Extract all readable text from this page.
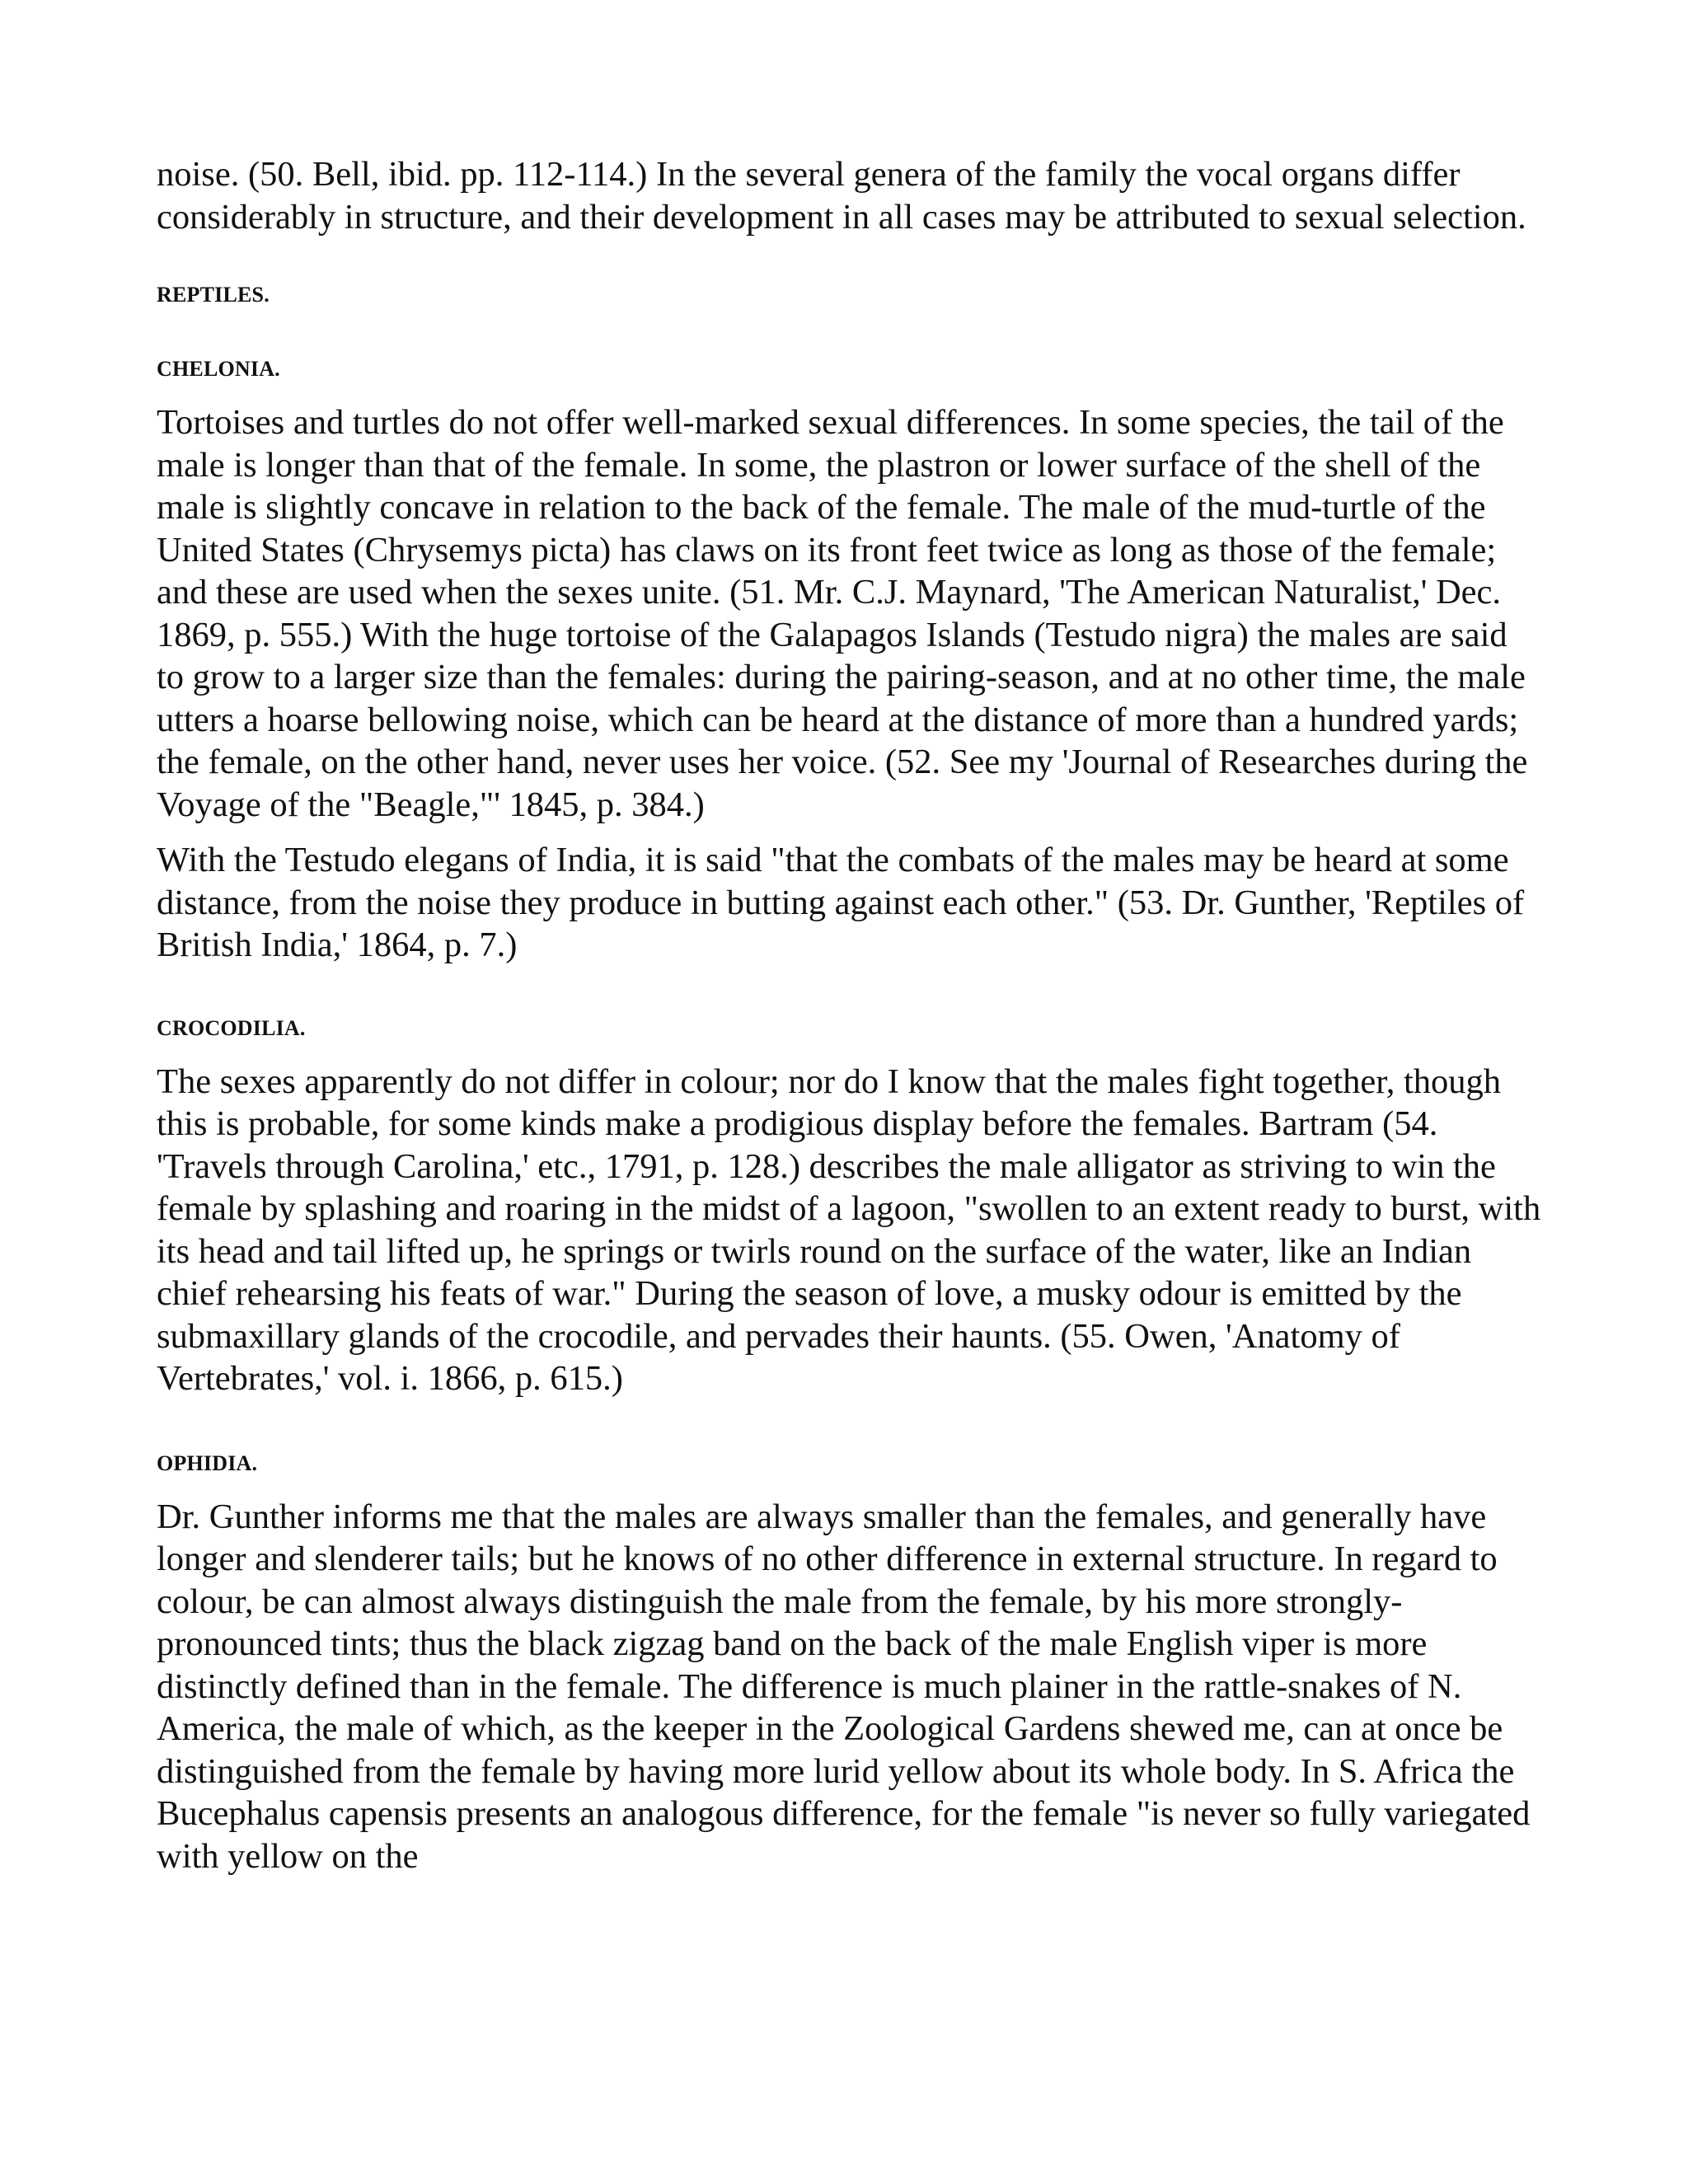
noise. (50. Bell, ibid. pp. 112-114.) In the several genera of the family the vocal organs differ considerably in structure, and their development in all cases may be attributed to sexual selection.

REPTILES.
CHELONIA.

Tortoises and turtles do not offer well-marked sexual differences. In some species, the tail of the male is longer than that of the female. In some, the plastron or lower surface of the shell of the male is slightly concave in relation to the back of the female. The male of the mud-turtle of the United States (Chrysemys picta) has claws on its front feet twice as long as those of the female; and these are used when the sexes unite. (51. Mr. C.J. Maynard, 'The American Naturalist,' Dec. 1869, p. 555.) With the huge tortoise of the Galapagos Islands (Testudo nigra) the males are said to grow to a larger size than the females: during the pairing-season, and at no other time, the male utters a hoarse bellowing noise, which can be heard at the distance of more than a hundred yards; the female, on the other hand, never uses her voice. (52. See my 'Journal of Researches during the Voyage of the "Beagle,"' 1845, p. 384.)

With the Testudo elegans of India, it is said "that the combats of the males may be heard at some distance, from the noise they produce in butting against each other." (53. Dr. Gunther, 'Reptiles of British India,' 1864, p. 7.)

CROCODILIA.

The sexes apparently do not differ in colour; nor do I know that the males fight together, though this is probable, for some kinds make a prodigious display before the females. Bartram (54. 'Travels through Carolina,' etc., 1791, p. 128.) describes the male alligator as striving to win the female by splashing and roaring in the midst of a lagoon, "swollen to an extent ready to burst, with its head and tail lifted up, he springs or twirls round on the surface of the water, like an Indian chief rehearsing his feats of war." During the season of love, a musky odour is emitted by the submaxillary glands of the crocodile, and pervades their haunts. (55. Owen, 'Anatomy of Vertebrates,' vol. i. 1866, p. 615.)

OPHIDIA.

Dr. Gunther informs me that the males are always smaller than the females, and generally have longer and slenderer tails; but he knows of no other difference in external structure. In regard to colour, be can almost always distinguish the male from the female, by his more strongly- pronounced tints; thus the black zigzag band on the back of the male English viper is more distinctly defined than in the female. The difference is much plainer in the rattle-snakes of N. America, the male of which, as the keeper in the Zoological Gardens shewed me, can at once be distinguished from the female by having more lurid yellow about its whole body. In S. Africa the Bucephalus capensis presents an analogous difference, for the female "is never so fully variegated with yellow on the
